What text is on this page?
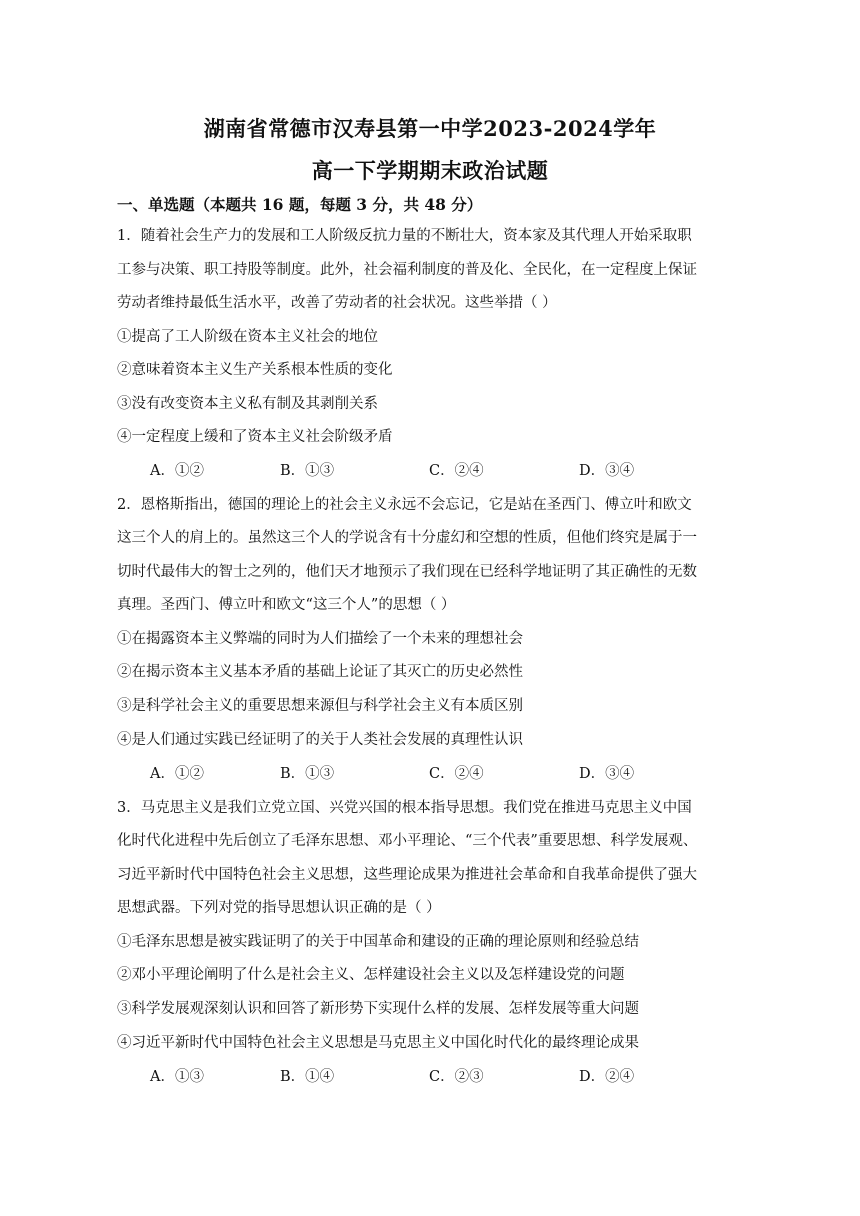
湖南省常德市汉寿县第一中学2023-2024学年
高一下学期期末政治试题
一、单选题（本题共 16 题，每题 3 分，共 48 分）
1．随着社会生产力的发展和工人阶级反抗力量的不断壮大，资本家及其代理人开始采取职
工参与决策、职工持股等制度。此外，社会福利制度的普及化、全民化，在一定程度上保证
劳动者维持最低生活水平，改善了劳动者的社会状况。这些举措（ ）
①提高了工人阶级在资本主义社会的地位
②意味着资本主义生产关系根本性质的变化
③没有改变资本主义私有制及其剥削关系
④一定程度上缓和了资本主义社会阶级矛盾
A．①②	B．①③	C．②④	D．③④
2．恩格斯指出，德国的理论上的社会主义永远不会忘记，它是站在圣西门、傅立叶和欧文
这三个人的肩上的。虽然这三个人的学说含有十分虚幻和空想的性质，但他们终究是属于一
切时代最伟大的智士之列的，他们天才地预示了我们现在已经科学地证明了其正确性的无数
真理。圣西门、傅立叶和欧文“这三个人”的思想（ ）
①在揭露资本主义弊端的同时为人们描绘了一个未来的理想社会
②在揭示资本主义基本矛盾的基础上论证了其灭亡的历史必然性
③是科学社会主义的重要思想来源但与科学社会主义有本质区别
④是人们通过实践已经证明了的关于人类社会发展的真理性认识
A．①②	B．①③	C．②④	D．③④
3．马克思主义是我们立党立国、兴党兴国的根本指导思想。我们党在推进马克思主义中国
化时代化进程中先后创立了毛泽东思想、邓小平理论、“三个代表”重要思想、科学发展观、
习近平新时代中国特色社会主义思想，这些理论成果为推进社会革命和自我革命提供了强大
思想武器。下列对党的指导思想认识正确的是（ ）
①毛泽东思想是被实践证明了的关于中国革命和建设的正确的理论原则和经验总结
②邓小平理论阐明了什么是社会主义、怎样建设社会主义以及怎样建设党的问题
③科学发展观深刻认识和回答了新形势下实现什么样的发展、怎样发展等重大问题
④习近平新时代中国特色社会主义思想是马克思主义中国化时代化的最终理论成果
A．①③	B．①④	C．②③	D．②④
